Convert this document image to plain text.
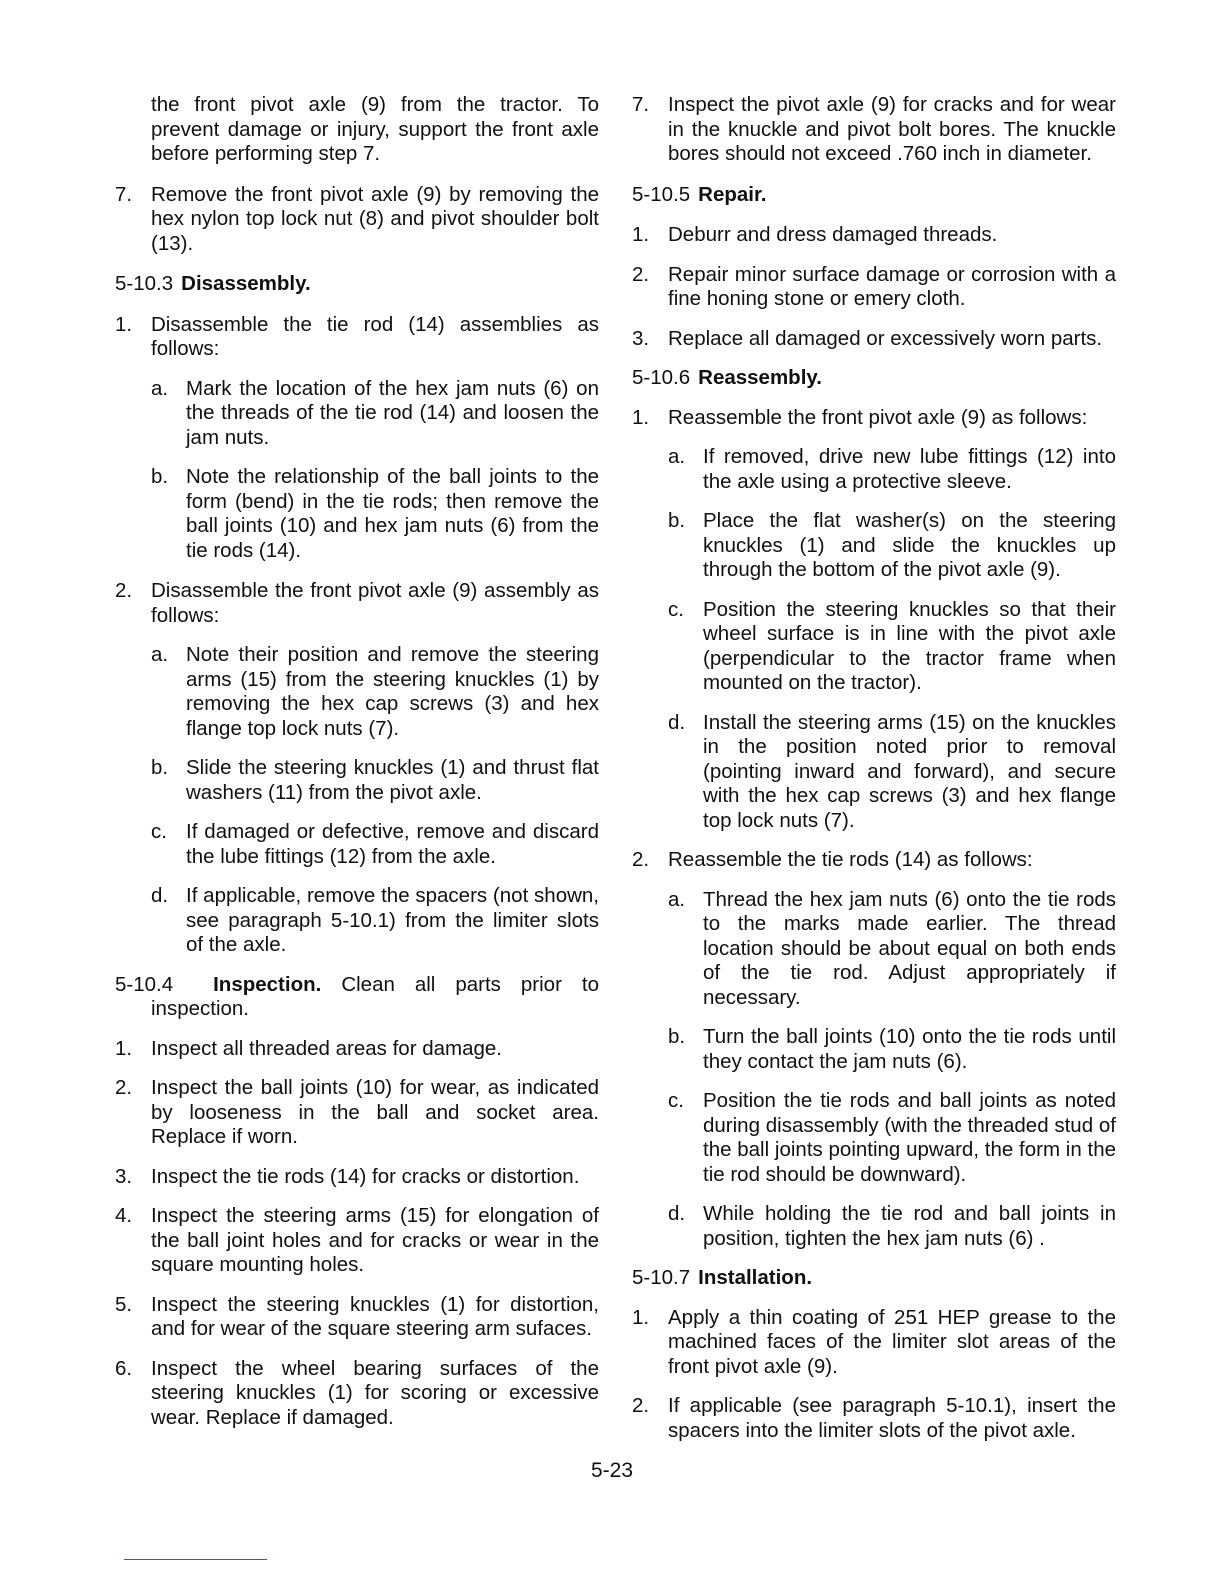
the front pivot axle (9) from the tractor. To prevent damage or injury, support the front axle before performing step 7.
7. Remove the front pivot axle (9) by removing the hex nylon top lock nut (8) and pivot shoulder bolt (13).
5-10.3 Disassembly.
1. Disassemble the tie rod (14) assemblies as follows:
a. Mark the location of the hex jam nuts (6) on the threads of the tie rod (14) and loosen the jam nuts.
b. Note the relationship of the ball joints to the form (bend) in the tie rods; then remove the ball joints (10) and hex jam nuts (6) from the tie rods (14).
2. Disassemble the front pivot axle (9) assembly as follows:
a. Note their position and remove the steering arms (15) from the steering knuckles (1) by removing the hex cap screws (3) and hex flange top lock nuts (7).
b. Slide the steering knuckles (1) and thrust flat washers (11) from the pivot axle.
c. If damaged or defective, remove and discard the lube fittings (12) from the axle.
d. If applicable, remove the spacers (not shown, see paragraph 5-10.1) from the limiter slots of the axle.
5-10.4 Inspection. Clean all parts prior to inspection.
1. Inspect all threaded areas for damage.
2. Inspect the ball joints (10) for wear, as indicated by looseness in the ball and socket area. Replace if worn.
3. Inspect the tie rods (14) for cracks or distortion.
4. Inspect the steering arms (15) for elongation of the ball joint holes and for cracks or wear in the square mounting holes.
5. Inspect the steering knuckles (1) for distortion, and for wear of the square steering arm sufaces.
6. Inspect the wheel bearing surfaces of the steering knuckles (1) for scoring or excessive wear. Replace if damaged.
7. Inspect the pivot axle (9) for cracks and for wear in the knuckle and pivot bolt bores. The knuckle bores should not exceed .760 inch in diameter.
5-10.5 Repair.
1. Deburr and dress damaged threads.
2. Repair minor surface damage or corrosion with a fine honing stone or emery cloth.
3. Replace all damaged or excessively worn parts.
5-10.6 Reassembly.
1. Reassemble the front pivot axle (9) as follows:
a. If removed, drive new lube fittings (12) into the axle using a protective sleeve.
b. Place the flat washer(s) on the steering knuckles (1) and slide the knuckles up through the bottom of the pivot axle (9).
c. Position the steering knuckles so that their wheel surface is in line with the pivot axle (perpendicular to the tractor frame when mounted on the tractor).
d. Install the steering arms (15) on the knuckles in the position noted prior to removal (pointing inward and forward), and secure with the hex cap screws (3) and hex flange top lock nuts (7).
2. Reassemble the tie rods (14) as follows:
a. Thread the hex jam nuts (6) onto the tie rods to the marks made earlier. The thread location should be about equal on both ends of the tie rod. Adjust appropriately if necessary.
b. Turn the ball joints (10) onto the tie rods until they contact the jam nuts (6).
c. Position the tie rods and ball joints as noted during disassembly (with the threaded stud of the ball joints pointing upward, the form in the tie rod should be downward).
d. While holding the tie rod and ball joints in position, tighten the hex jam nuts (6) .
5-10.7 Installation.
1. Apply a thin coating of 251 HEP grease to the machined faces of the limiter slot areas of the front pivot axle (9).
2. If applicable (see paragraph 5-10.1), insert the spacers into the limiter slots of the pivot axle.
5-23
